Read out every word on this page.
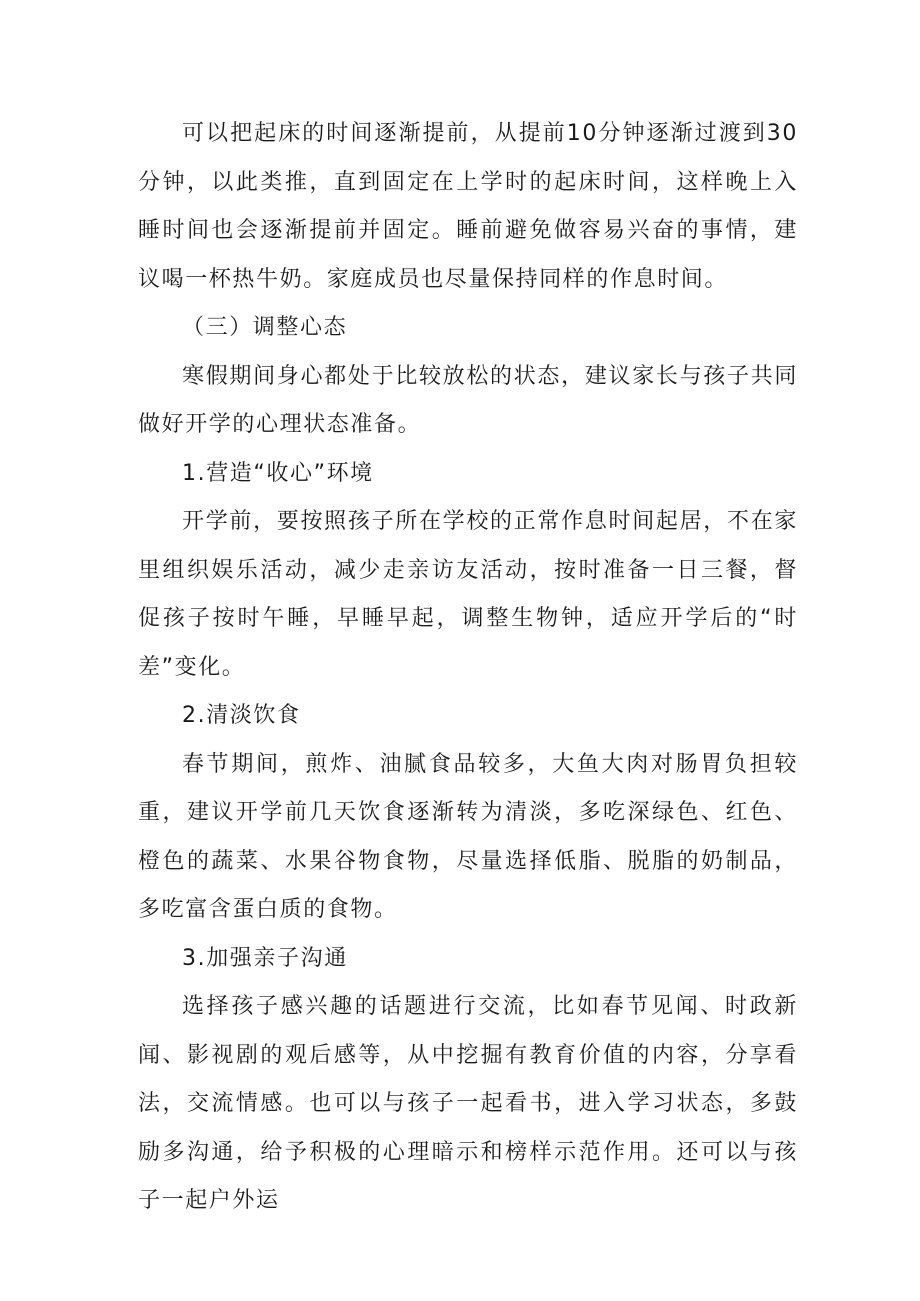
可以把起床的时间逐渐提前，从提前10分钟逐渐过渡到30分钟，以此类推，直到固定在上学时的起床时间，这样晚上入睡时间也会逐渐提前并固定。睡前避免做容易兴奋的事情，建议喝一杯热牛奶。家庭成员也尽量保持同样的作息时间。

（三）调整心态

寒假期间身心都处于比较放松的状态，建议家长与孩子共同做好开学的心理状态准备。

1.营造“收心”环境

开学前，要按照孩子所在学校的正常作息时间起居，不在家里组织娱乐活动，减少走亲访友活动，按时准备一日三餐，督促孩子按时午睡，早睡早起，调整生物钟，适应开学后的“时差”变化。

2.清淡饮食

春节期间，煎炸、油腻食品较多，大鱼大肉对肠胃负担较重，建议开学前几天饮食逐渐转为清淡，多吃深绿色、红色、橙色的蔬菜、水果谷物食物，尽量选择低脂、脱脂的奶制品，多吃富含蛋白质的食物。

3.加强亲子沟通

选择孩子感兴趣的话题进行交流，比如春节见闻、时政新闻、影视剧的观后感等，从中挖掘有教育价值的内容，分享看法，交流情感。也可以与孩子一起看书，进入学习状态，多鼓励多沟通，给予积极的心理暗示和榜样示范作用。还可以与孩子一起户外运
